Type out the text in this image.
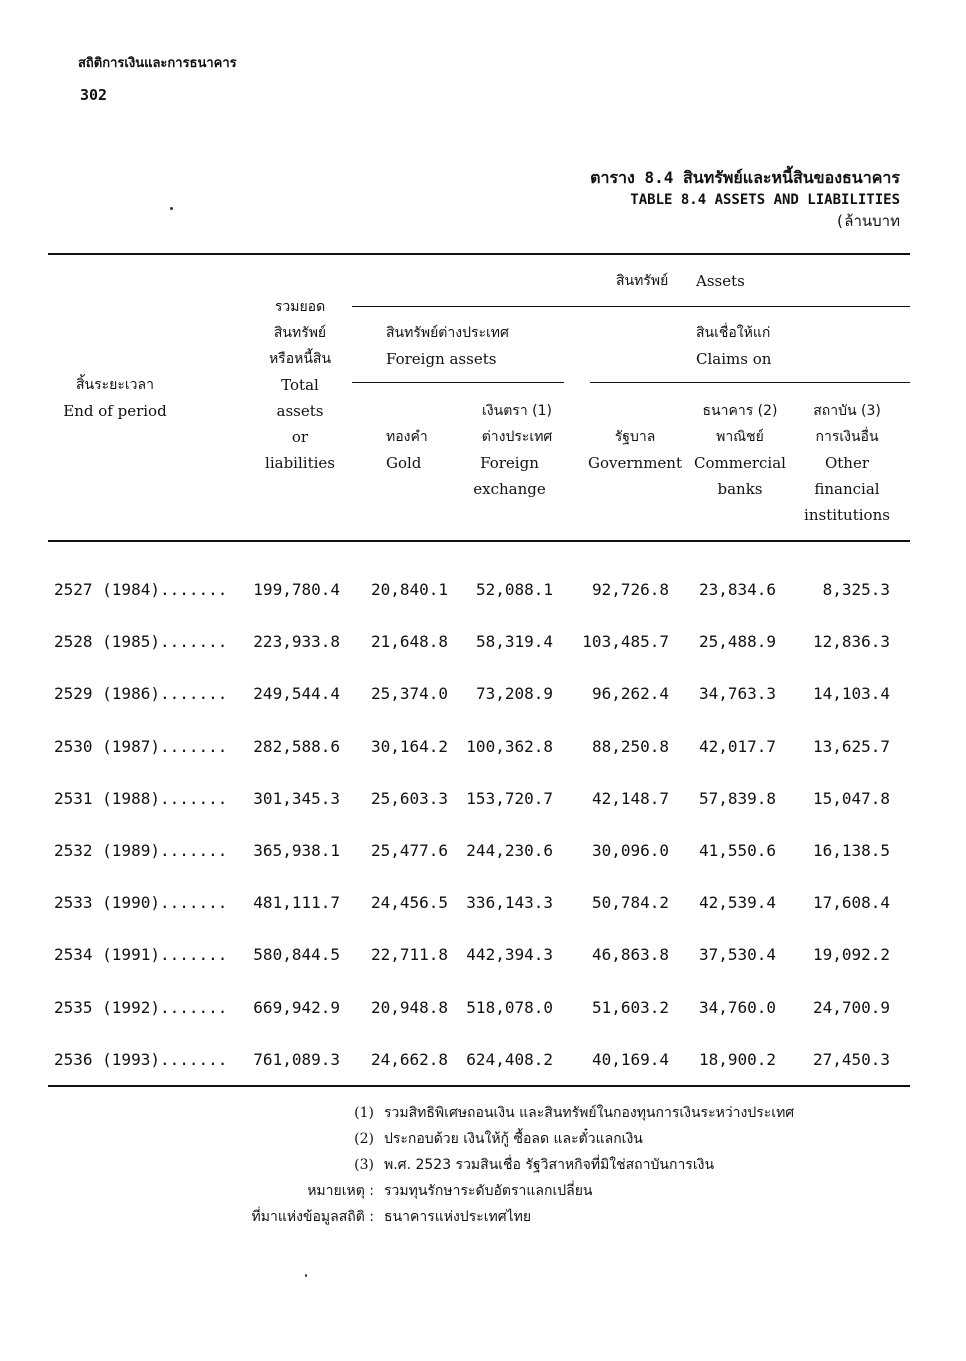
สถิติการเงินและการธนาคาร
302
ตาราง 8.4 สินทรัพย์และหนี้สินของธนาคาร
TABLE 8.4 ASSETS AND LIABILITIES
(ล้านบาท
สิ้นระยะเวลา
End of period
รวมยอด
สินทรัพย์
หรือหนี้สิน
Total
assets
or
liabilities
สินทรัพย์ Assets
สินทรัพย์ต่างประเทศ
Foreign assets
สินเชื่อให้แก่
Claims on
ทองคำ
Gold
เงินตรา (1)
ต่างประเทศ
Foreign
exchange
รัฐบาล
Government
ธนาคาร (2)
พาณิชย์
Commercial
banks
สถาบัน (3)
การเงินอื่น
Other
financial
institutions
2527 (1984)....... 199,780.4 20,840.1 52,088.1 92,726.8 23,834.6	8,325.3
2528 (1985)....... 223,933.8 21,648.8 58,319.4 103,485.7 25,488.9 12,836.3
2529 (1986)....... 249,544.4 25,374.0 73,208.9 96,262.4 34,763.3 14,103.4
2530 (1987)....... 282,588.6 30,164.2 100,362.8 88,250.8 42,017.7 13,625.7
2531 (1988)....... 301,345.3 25,603.3 153,720.7 42,148.7 57,839.8 15,047.8
2532 (1989)....... 365,938.1 25,477.6 244,230.6 30,096.0 41,550.6 16,138.5
2533 (1990)....... 481,111.7 24,456.5 336,143.3 50,784.2 42,539.4 17,608.4
2534 (1991)....... 580,844.5 22,711.8 442,394.3 46,863.8 37,530.4 19,092.2
2535 (1992)....... 669,942.9 20,948.8 518,078.0 51,603.2 34,760.0 24,700.9
2536 (1993)....... 761,089.3 24,662.8 624,408.2 40,169.4 18,900.2 27,450.3
(1) รวมสิทธิพิเศษถอนเงิน และสินทรัพย์ในกองทุนการเงินระหว่างประเทศ
(2) ประกอบด้วย เงินให้กู้ ซื้อลด และตั๋วแลกเงิน
(3) พ.ศ. 2523 รวมสินเชื่อ รัฐวิสาหกิจที่มิใช่สถาบันการเงิน
หมายเหตุ : รวมทุนรักษาระดับอัตราแลกเปลี่ยน
ที่มาแห่งข้อมูลสถิติ : ธนาคารแห่งประเทศไทย
